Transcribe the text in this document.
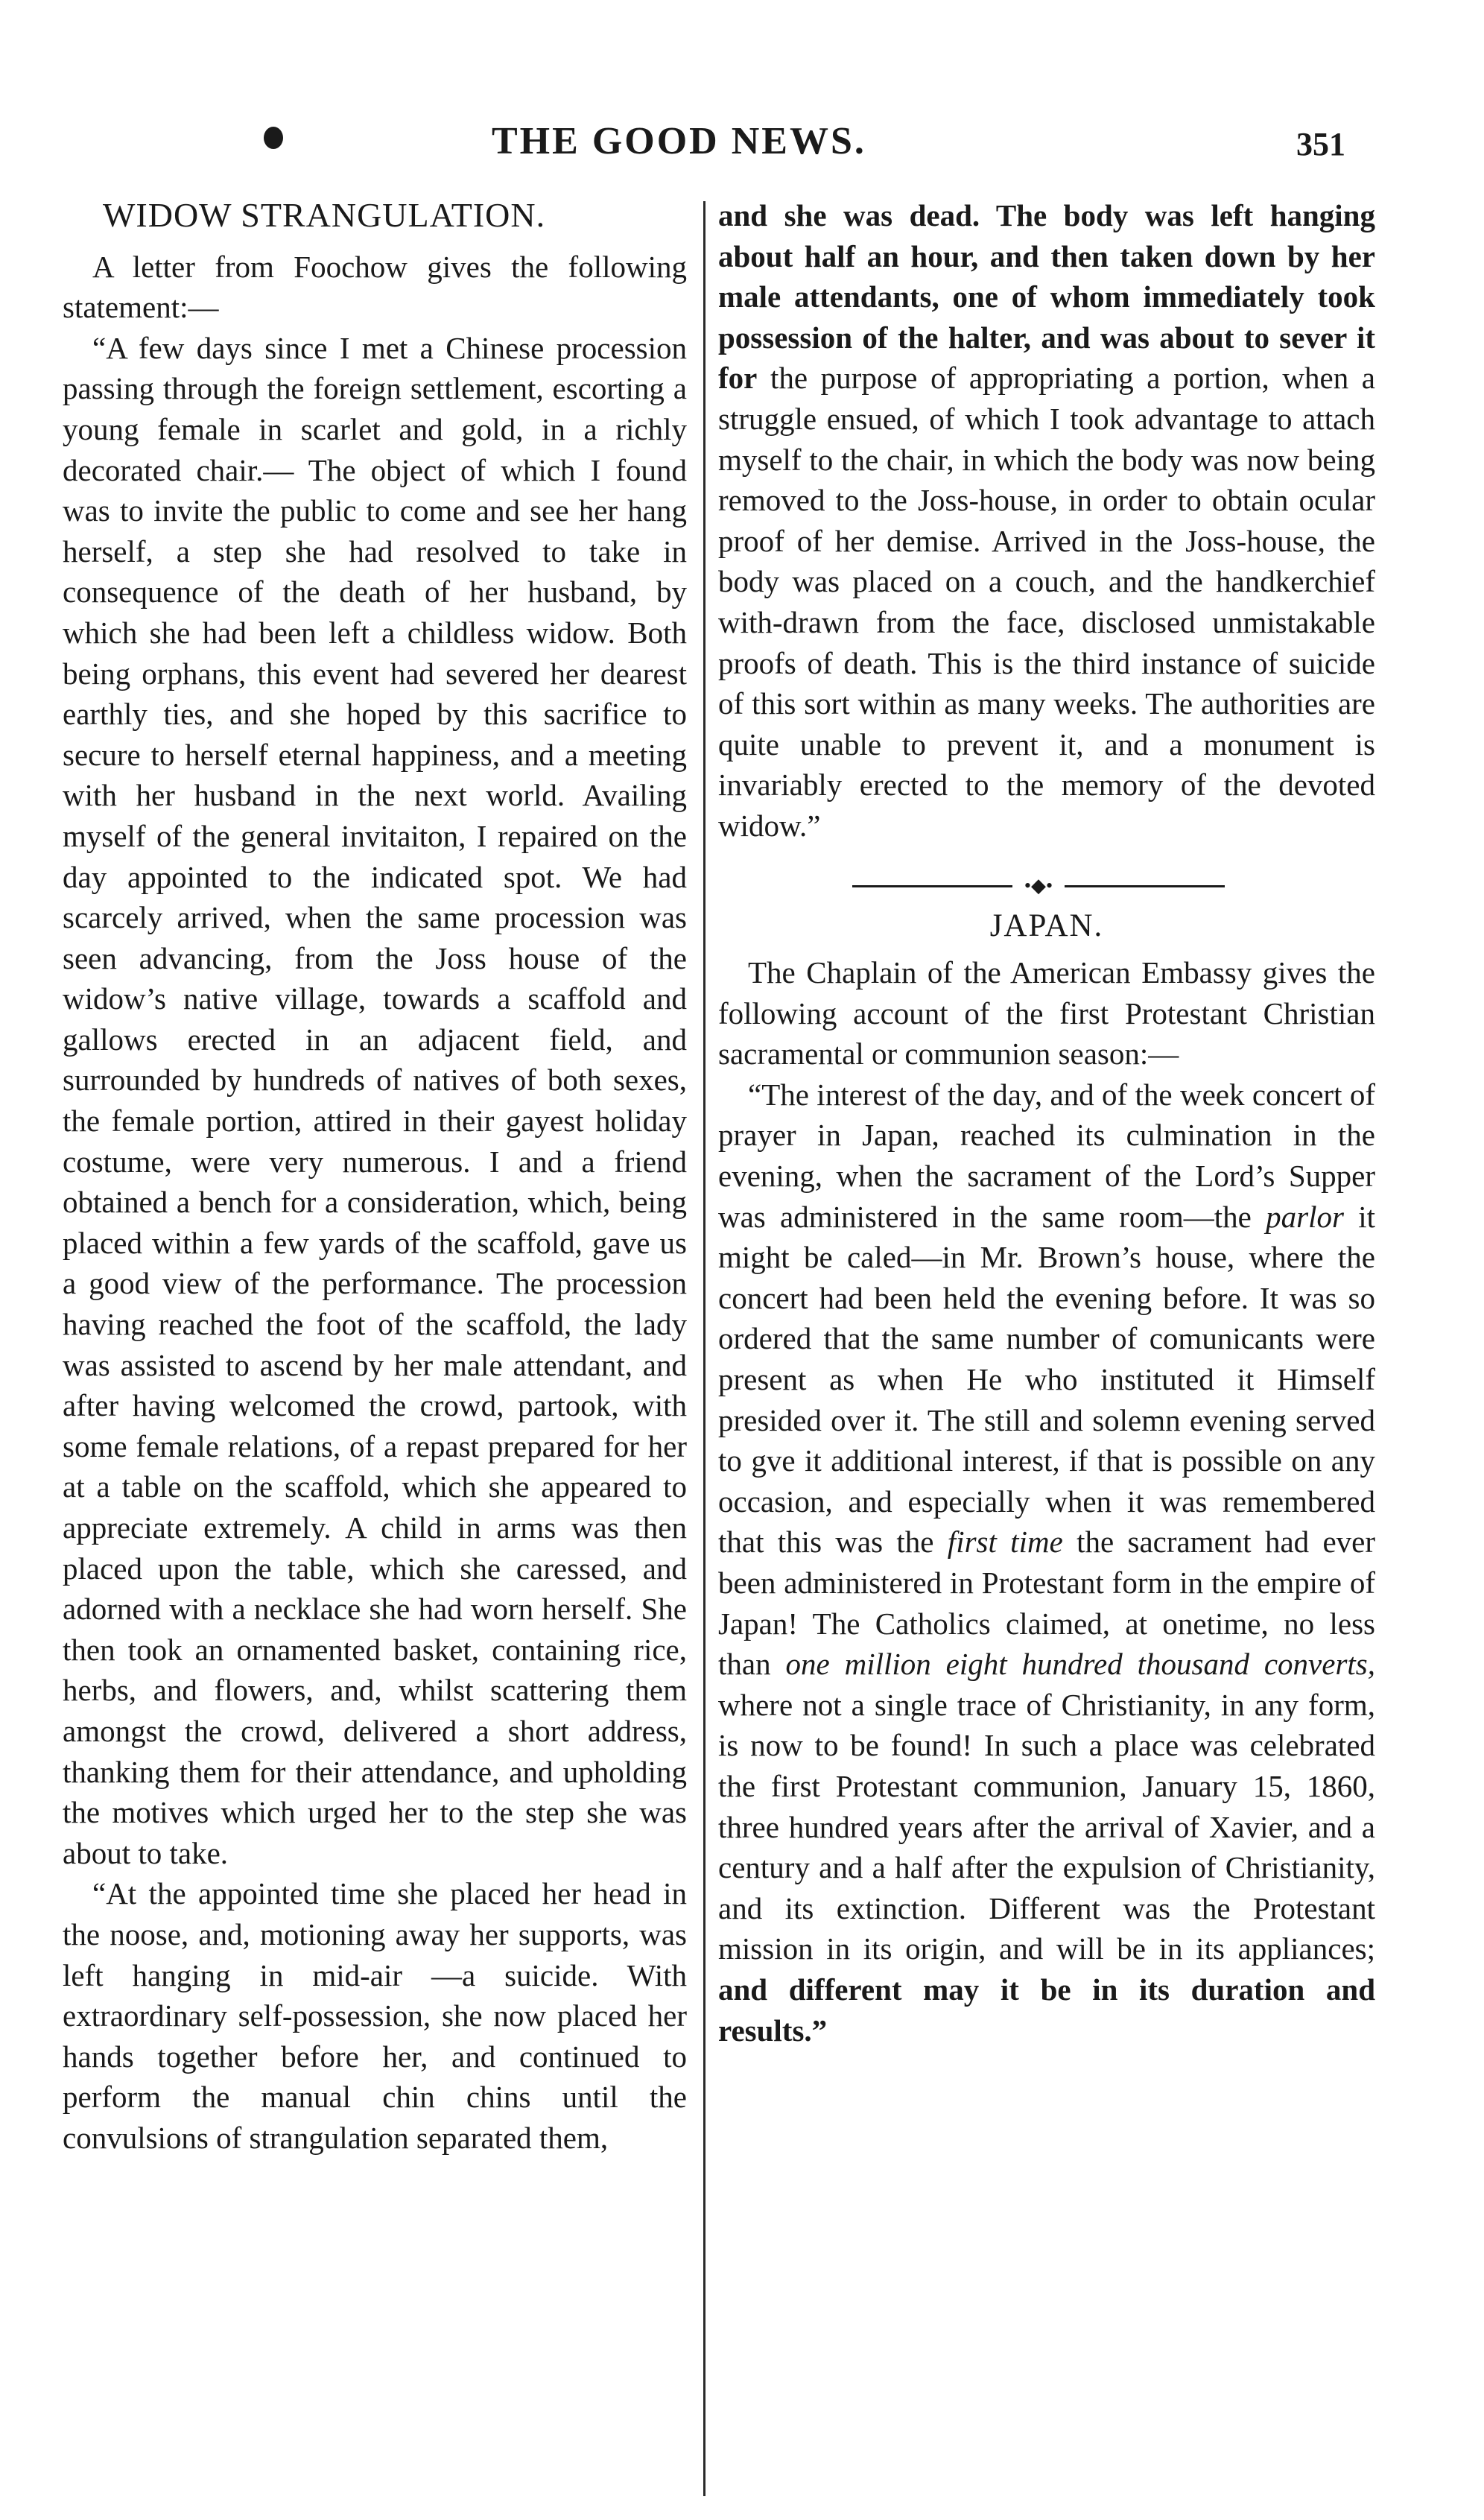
THE GOOD NEWS.	351

WIDOW STRANGULATION.

A letter from Foochow gives the following statement:—

“A few days since I met a Chinese procession passing through the foreign settlement, escorting a young female in scarlet and gold, in a richly decorated chair.— The object of which I found was to invite the public to come and see her hang herself, a step she had resolved to take in consequence of the death of her husband, by which she had been left a childless widow. Both being orphans, this event had severed her dearest earthly ties, and she hoped by this sacrifice to secure to herself eternal happiness, and a meeting with her husband in the next world. Availing myself of the general invitaiton, I repaired on the day appointed to the indicated spot. We had scarcely arrived, when the same procession was seen advancing, from the Joss house of the widow’s native village, towards a scaffold and gallows erected in an adjacent field, and surrounded by hundreds of natives of both sexes, the female portion, attired in their gayest holiday costume, were very numerous. I and a friend obtained a bench for a consideration, which, being placed within a few yards of the scaffold, gave us a good view of the performance. The procession having reached the foot of the scaffold, the lady was assisted to ascend by her male attendant, and after having welcomed the crowd, partook, with some female relations, of a repast prepared for her at a table on the scaffold, which she appeared to appreciate extremely. A child in arms was then placed upon the table, which she caressed, and adorned with a necklace she had worn herself. She then took an ornamented basket, containing rice, herbs, and flowers, and, whilst scattering them amongst the crowd, delivered a short address, thanking them for their attendance, and upholding the motives which urged her to the step she was about to take.

“At the appointed time she placed her head in the noose, and, motioning away her supports, was left hanging in mid-air —a suicide. With extraordinary self-possession, she now placed her hands together before her, and continued to perform the manual chin chins until the convulsions of strangulation separated them,

and she was dead. The body was left hanging about half an hour, and then taken down by her male attendants, one of whom immediately took possession of the halter, and was about to sever it for the purpose of appropriating a portion, when a struggle ensued, of which I took advantage to attach myself to the chair, in which the body was now being removed to the Joss-house, in order to obtain ocular proof of her demise. Arrived in the Joss-house, the body was placed on a couch, and the handkerchief with-drawn from the face, disclosed unmistakable proofs of death. This is the third instance of suicide of this sort within as many weeks. The authorities are quite unable to prevent it, and a monument is invariably erected to the memory of the devoted widow.”

•◆•

JAPAN.

The Chaplain of the American Embassy gives the following account of the first Protestant Christian sacramental or communion season:—

“The interest of the day, and of the week concert of prayer in Japan, reached its culmination in the evening, when the sacrament of the Lord’s Supper was administered in the same room—the parlor it might be caled—in Mr. Brown’s house, where the concert had been held the evening before. It was so ordered that the same number of comunicants were present as when He who instituted it Himself presided over it. The still and solemn evening served to gve it additional interest, if that is possible on any occasion, and especially when it was remembered that this was the first time the sacrament had ever been administered in Protestant form in the empire of Japan! The Catholics claimed, at onetime, no less than one million eight hundred thousand converts, where not a single trace of Christianity, in any form, is now to be found! In such a place was celebrated the first Protestant communion, January 15, 1860, three hundred years after the arrival of Xavier, and a century and a half after the expulsion of Christianity, and its extinction. Different was the Protestant mission in its origin, and will be in its appliances; and different may it be in its duration and results.”
